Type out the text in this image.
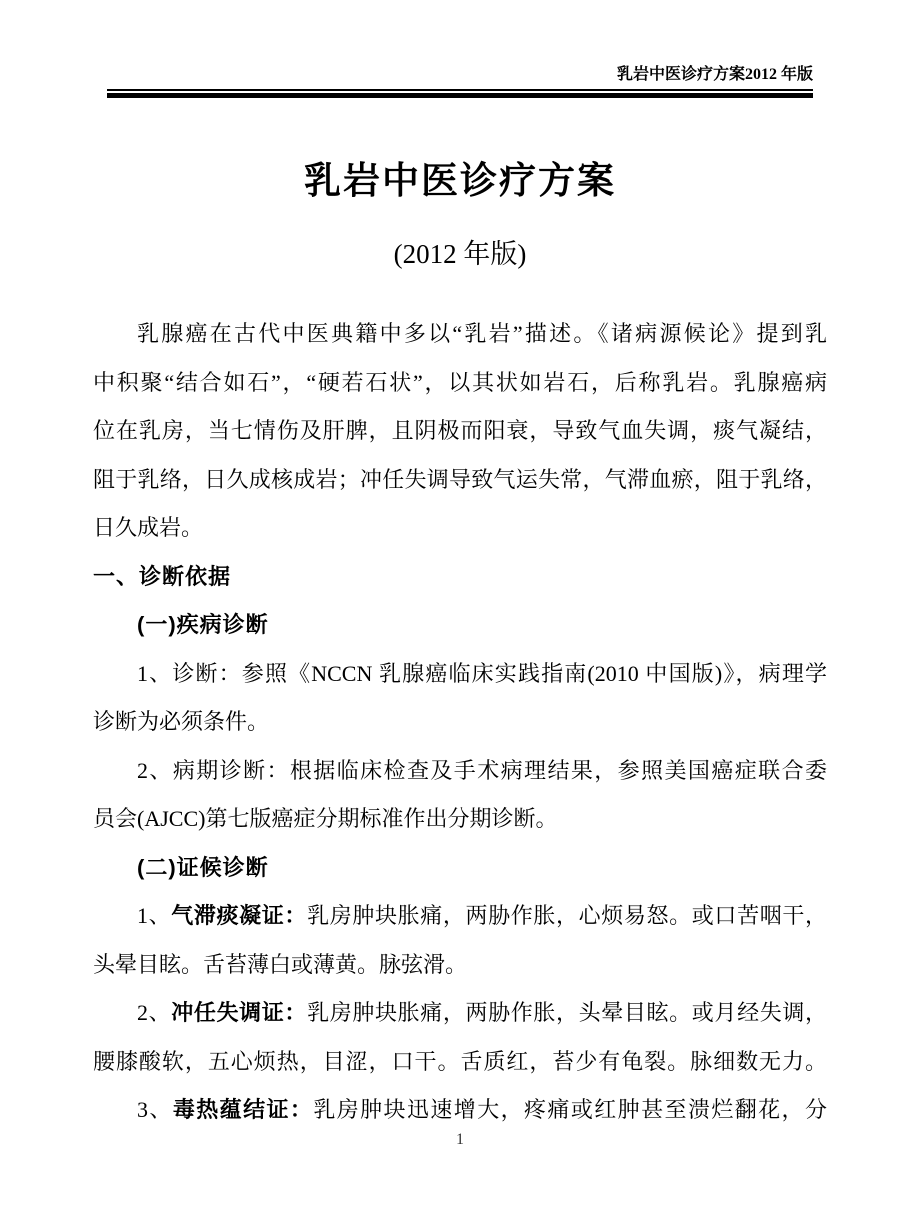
乳岩中医诊疗方案2012 年版
乳岩中医诊疗方案
(2012 年版)
乳腺癌在古代中医典籍中多以“乳岩”描述。《诸病源候论》提到乳
中积聚“结合如石”，“硬若石状”，以其状如岩石，后称乳岩。乳腺癌病
位在乳房，当七情伤及肝脾，且阴极而阳衰，导致气血失调，痰气凝结，
阻于乳络，日久成核成岩；冲任失调导致气运失常，气滞血瘀，阻于乳络，
日久成岩。
一、诊断依据
(一)疾病诊断
1、诊断：参照《NCCN 乳腺癌临床实践指南(2010 中国版)》，病理学
诊断为必须条件。
2、病期诊断：根据临床检查及手术病理结果，参照美国癌症联合委
员会(AJCC)第七版癌症分期标准作出分期诊断。
(二)证候诊断
1、气滞痰凝证：乳房肿块胀痛，两胁作胀，心烦易怒。或口苦咽干，
头晕目眩。舌苔薄白或薄黄。脉弦滑。
2、冲任失调证：乳房肿块胀痛，两胁作胀，头晕目眩。或月经失调，
腰膝酸软，五心烦热，目涩，口干。舌质红，苔少有龟裂。脉细数无力。
3、毒热蕴结证：乳房肿块迅速增大，疼痛或红肿甚至溃烂翻花，分
1
